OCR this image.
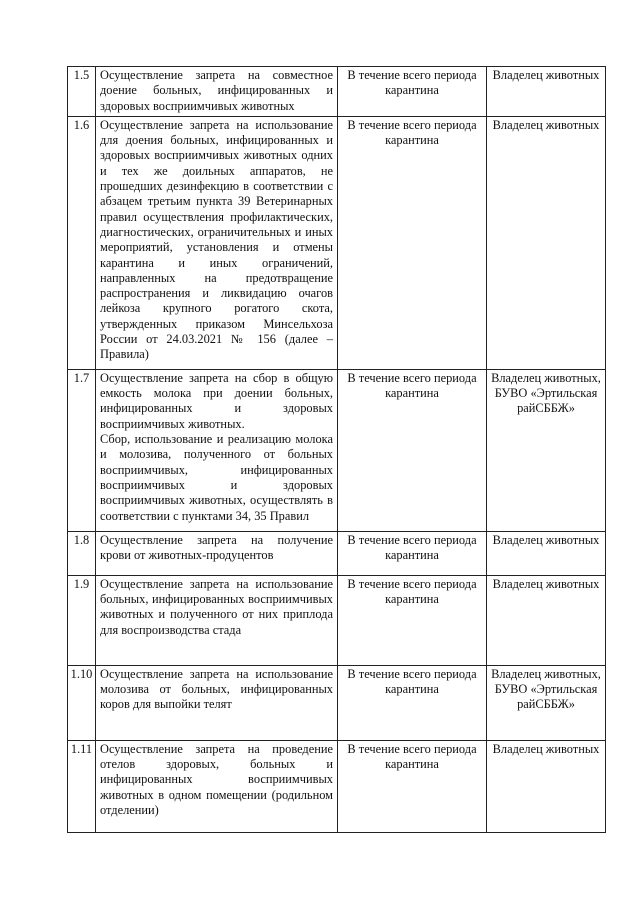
1.5	Осуществление запрета на совместное доение больных, инфицированных и здоровых восприимчивых животных	В течение всего периода карантина	Владелец животных
1.6	Осуществление запрета на использование для доения больных, инфицированных и здоровых восприимчивых животных одних и тех же доильных аппаратов, не прошедших дезинфекцию в соответствии с абзацем третьим пункта 39 Ветеринарных правил осуществления профилактических, диагностических, ограничительных и иных мероприятий, установления и отмены карантина и иных ограничений, направленных на предотвращение распространения и ликвидацию очагов лейкоза крупного рогатого скота, утвержденных приказом Минсельхоза России от 24.03.2021 № 156 (далее – Правила)	В течение всего периода карантина	Владелец животных
1.7	Осуществление запрета на сбор в общую емкость молока при доении больных, инфицированных и здоровых восприимчивых животных.
Сбор, использование и реализацию молока и молозива, полученного от больных восприимчивых, инфицированных восприимчивых и здоровых восприимчивых животных, осуществлять в соответствии с пунктами 34, 35 Правил	В течение всего периода карантина	Владелец животных, БУВО «Эртильская райСББЖ»
1.8	Осуществление запрета на получение крови от животных-продуцентов	В течение всего периода карантина	Владелец животных
1.9	Осуществление запрета на использование больных, инфицированных восприимчивых животных и полученного от них приплода для воспроизводства стада	В течение всего периода карантина	Владелец животных
1.10	Осуществление запрета на использование молозива от больных, инфицированных коров для выпойки телят	В течение всего периода карантина	Владелец животных, БУВО «Эртильская райСББЖ»
1.11	Осуществление запрета на проведение отелов здоровых, больных и инфицированных восприимчивых животных в одном помещении (родильном отделении)	В течение всего периода карантина	Владелец животных
